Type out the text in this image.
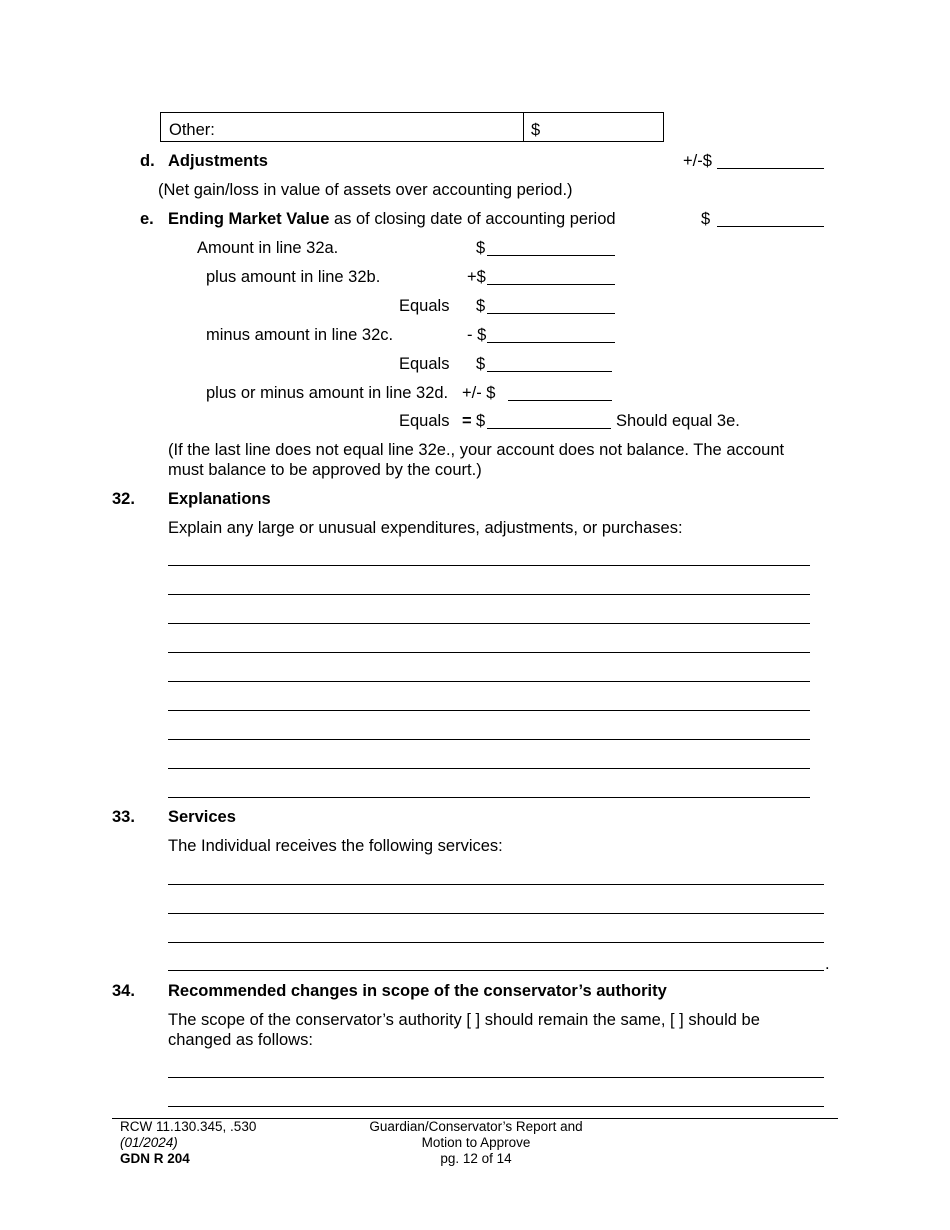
Other:	$
d. Adjustments	+/-$
(Net gain/loss in value of assets over accounting period.)
e. Ending Market Value as of closing date of accounting period	$
Amount in line 32a.	$
plus amount in line 32b.	+$
Equals $
minus amount in line 32c.	- $
Equals $
plus or minus amount in line 32d. +/- $
Equals = $	Should equal 3e.
(If the last line does not equal line 32e., your account does not balance. The account
must balance to be approved by the court.)
32. Explanations
Explain any large or unusual expenditures, adjustments, or purchases:
33. Services
The Individual receives the following services:
.
34. Recommended changes in scope of the conservator’s authority
The scope of the conservator’s authority [ ] should remain the same, [ ] should be
changed as follows:
RCW 11.130.345, .530
(01/2024)
GDN R 204
Guardian/Conservator’s Report and
Motion to Approve
pg. 12 of 14
